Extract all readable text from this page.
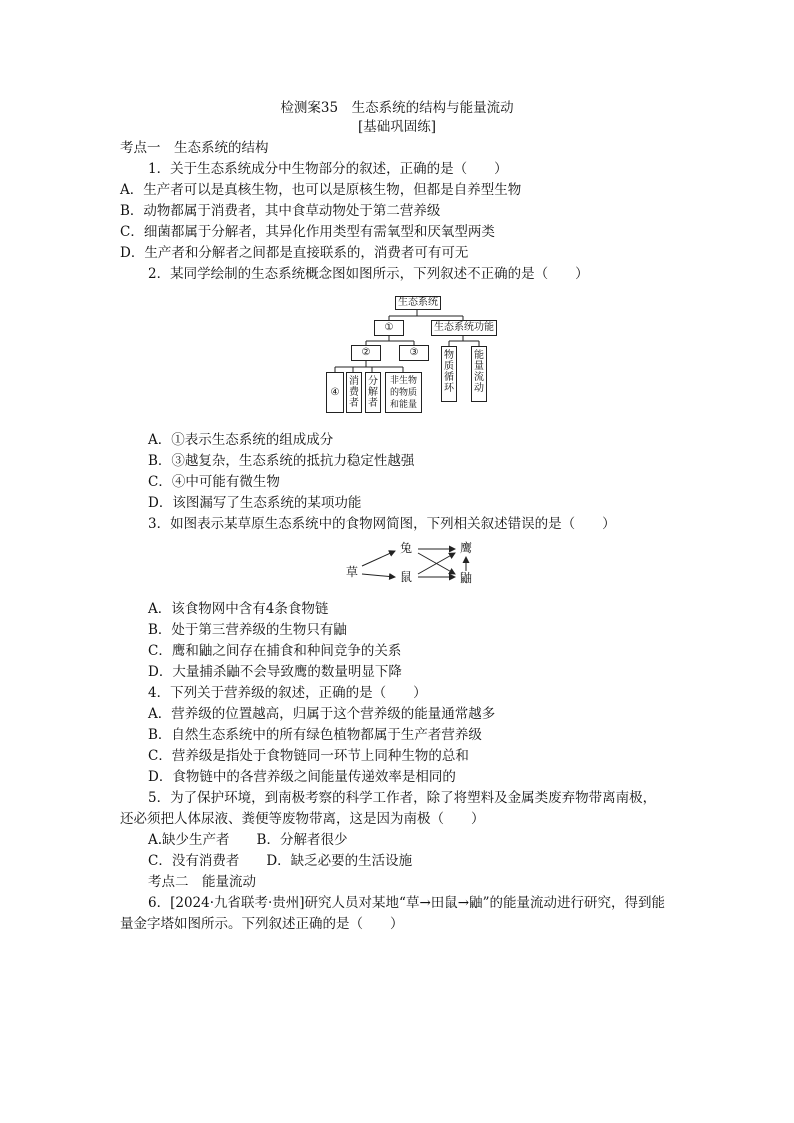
检测案35　生态系统的结构与能量流动
[基础巩固练]
考点一　生态系统的结构
1．关于生态系统成分中生物部分的叙述，正确的是（　　）
A．生产者可以是真核生物，也可以是原核生物，但都是自养型生物
B．动物都属于消费者，其中食草动物处于第二营养级
C．细菌都属于分解者，其异化作用类型有需氧型和厌氧型两类
D．生产者和分解者之间都是直接联系的，消费者可有可无
2．某同学绘制的生态系统概念图如图所示，下列叙述不正确的是（　　）
生态系统
①	生态系统功能
②	③
④
消费者
分解者
非生物的物质和能量
物质循环
能量流动
A．①表示生态系统的组成成分
B．③越复杂，生态系统的抵抗力稳定性越强
C．④中可能有微生物
D．该图漏写了生态系统的某项功能
3．如图表示某草原生态系统中的食物网简图，下列相关叙述错误的是（　　）
草
兔
鼠
鹰
鼬
A．该食物网中含有4条食物链
B．处于第三营养级的生物只有鼬
C．鹰和鼬之间存在捕食和种间竞争的关系
D．大量捕杀鼬不会导致鹰的数量明显下降
4．下列关于营养级的叙述，正确的是（　　）
A．营养级的位置越高，归属于这个营养级的能量通常越多
B．自然生态系统中的所有绿色植物都属于生产者营养级
C．营养级是指处于食物链同一环节上同种生物的总和
D．食物链中的各营养级之间能量传递效率是相同的
5．为了保护环境，到南极考察的科学工作者，除了将塑料及金属类废弃物带离南极，
还必须把人体尿液、粪便等废物带离，这是因为南极（　　）
A.缺少生产者　　B．分解者很少
C．没有消费者　　D．缺乏必要的生活设施
考点二　能量流动
6．[2024·九省联考·贵州]研究人员对某地“草→田鼠→鼬”的能量流动进行研究，得到能
量金字塔如图所示。下列叙述正确的是（　　）
